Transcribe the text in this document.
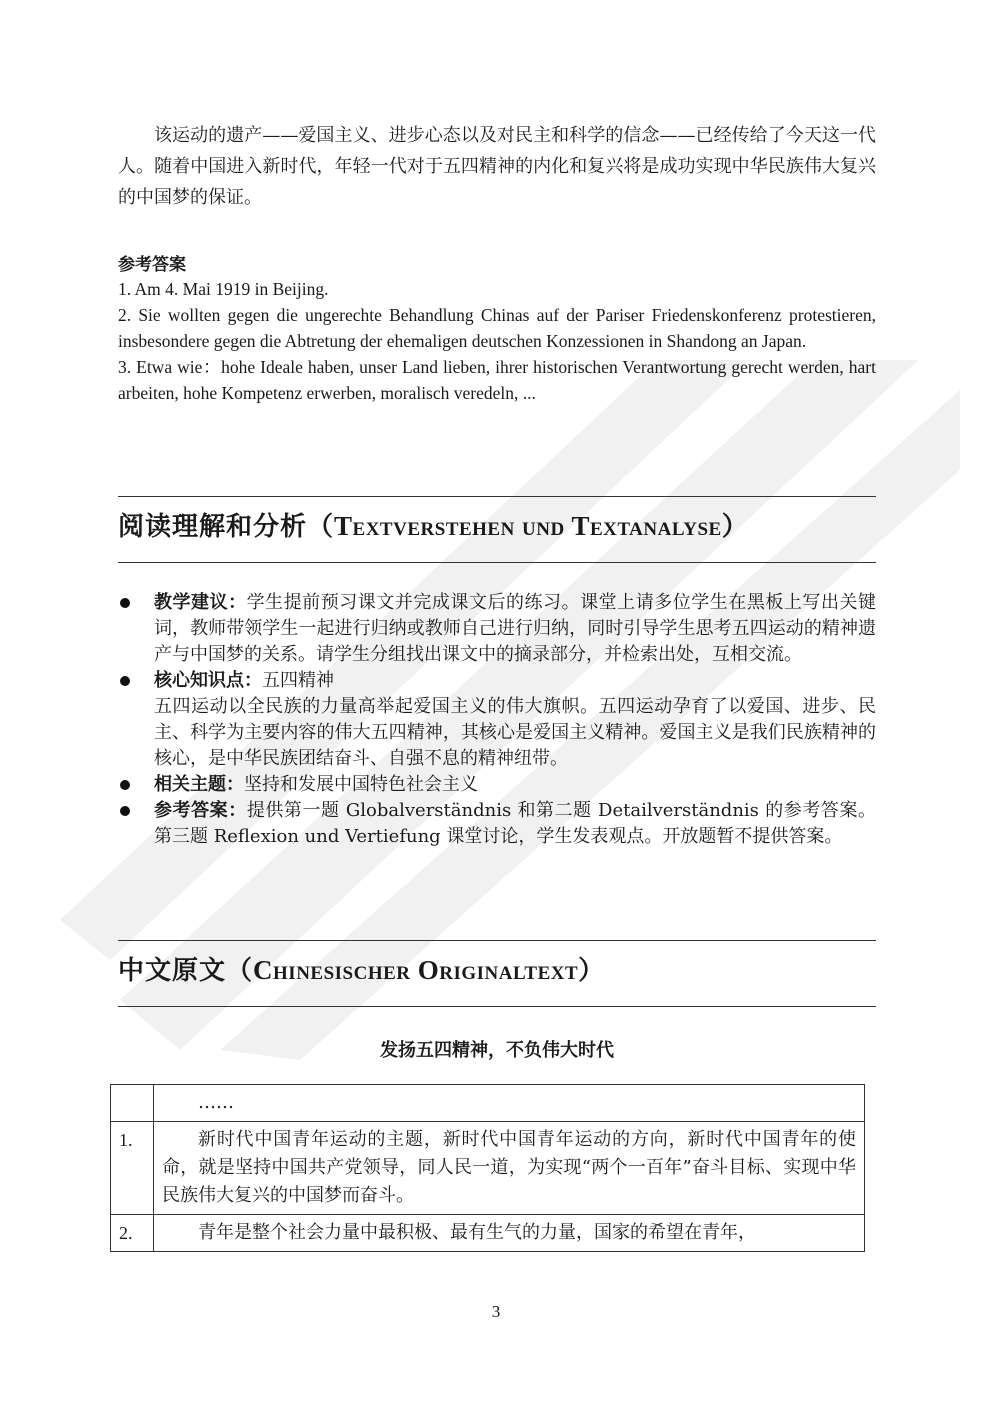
该运动的遗产——爱国主义、进步心态以及对民主和科学的信念——已经传给了今天这一代人。随着中国进入新时代，年轻一代对于五四精神的内化和复兴将是成功实现中华民族伟大复兴的中国梦的保证。

参考答案
1. Am 4. Mai 1919 in Beijing.
2. Sie wollten gegen die ungerechte Behandlung Chinas auf der Pariser Friedenskonferenz protestieren, insbesondere gegen die Abtretung der ehemaligen deutschen Konzessionen in Shandong an Japan.
3. Etwa wie：hohe Ideale haben, unser Land lieben, ihrer historischen Verantwortung gerecht werden, hart arbeiten, hohe Kompetenz erwerben, moralisch veredeln, ...
阅读理解和分析（Textverstehen und Textanalyse）
教学建议：学生提前预习课文并完成课文后的练习。课堂上请多位学生在黑板上写出关键词，教师带领学生一起进行归纳或教师自己进行归纳，同时引导学生思考五四运动的精神遗产与中国梦的关系。请学生分组找出课文中的摘录部分，并检索出处，互相交流。
核心知识点：五四精神
五四运动以全民族的力量高举起爱国主义的伟大旗帜。五四运动孕育了以爱国、进步、民主、科学为主要内容的伟大五四精神，其核心是爱国主义精神。爱国主义是我们民族精神的核心，是中华民族团结奋斗、自强不息的精神纽带。
相关主题：坚持和发展中国特色社会主义
参考答案：提供第一题 Globalverständnis 和第二题 Detailverständnis 的参考答案。第三题 Reflexion und Vertiefung 课堂讨论，学生发表观点。开放题暂不提供答案。
中文原文（Chinesischer Originaltext）
发扬五四精神，不负伟大时代
	……
1.	新时代中国青年运动的主题，新时代中国青年运动的方向，新时代中国青年的使命，就是坚持中国共产党领导，同人民一道，为实现“两个一百年”奋斗目标、实现中华民族伟大复兴的中国梦而奋斗。
2.	青年是整个社会力量中最积极、最有生气的力量，国家的希望在青年，
3
